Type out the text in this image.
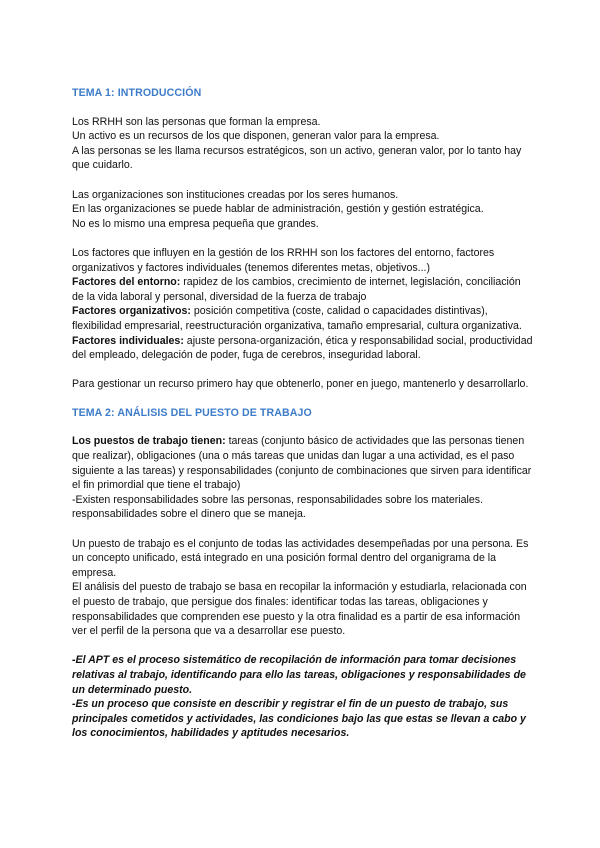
TEMA 1: INTRODUCCIÓN

Los RRHH son las personas que forman la empresa.

Un activo es un recursos de los que disponen, generan valor para la empresa.

A las personas se les llama recursos estratégicos, son un activo, generan valor, por lo tanto hay que cuidarlo.

Las organizaciones son instituciones creadas por los seres humanos.

En las organizaciones se puede hablar de administración, gestión y gestión estratégica.

No es lo mismo una empresa pequeña que grandes.

Los factores que influyen en la gestión de los RRHH son los factores del entorno, factores organizativos y factores individuales (tenemos diferentes metas, objetivos...)

Factores del entorno: rapidez de los cambios, crecimiento de internet, legislación, conciliación de la vida laboral y personal, diversidad de la fuerza de trabajo

Factores organizativos: posición competitiva (coste, calidad o capacidades distintivas), flexibilidad empresarial, reestructuración organizativa, tamaño empresarial, cultura organizativa.

Factores individuales: ajuste persona-organización, ética y responsabilidad social, productividad del empleado, delegación de poder, fuga de cerebros, inseguridad laboral.

Para gestionar un recurso primero hay que obtenerlo, poner en juego, mantenerlo y desarrollarlo.

TEMA 2: ANÁLISIS DEL PUESTO DE TRABAJO

Los puestos de trabajo tienen: tareas (conjunto básico de actividades que las personas tienen que realizar), obligaciones (una o más tareas que unidas dan lugar a una actividad, es el paso siguiente a las tareas) y responsabilidades (conjunto de combinaciones que sirven para identificar el fin primordial que tiene el trabajo)

-Existen responsabilidades sobre las personas, responsabilidades sobre los materiales. responsabilidades sobre el dinero que se maneja.

Un puesto de trabajo es el conjunto de todas las actividades desempeñadas por una persona. Es un concepto unificado, está integrado en una posición formal dentro del organigrama de la empresa.

El análisis del puesto de trabajo se basa en recopilar la información y estudiarla, relacionada con el puesto de trabajo, que persigue dos finales: identificar todas las tareas, obligaciones y responsabilidades que comprenden ese puesto y la otra finalidad es a partir de esa información ver el perfil de la persona que va a desarrollar ese puesto.

-El APT es el proceso sistemático de recopilación de información para tomar decisiones relativas al trabajo, identificando para ello las tareas, obligaciones y responsabilidades de un determinado puesto.

-Es un proceso que consiste en describir y registrar el fin de un puesto de trabajo, sus principales cometidos y actividades, las condiciones bajo las que estas se llevan a cabo y los conocimientos, habilidades y aptitudes necesarios.
